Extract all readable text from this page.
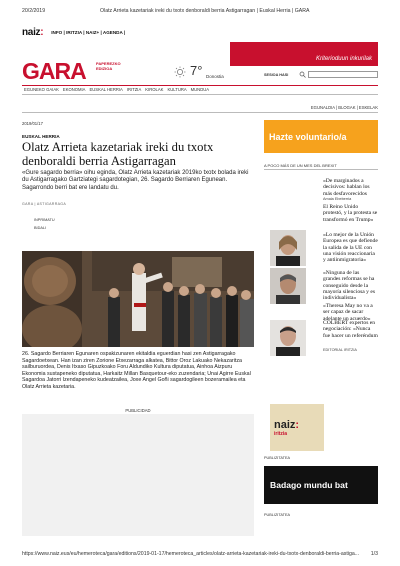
20/2/2019	Olatz Arrieta kazetariak ireki du txotx denboraldi berria Astigarragan | Euskal Herria | GARA
naiz: INFO | IRITZIA | NAIZ+ | AGENDA |
Kriterioduun inkurilak
GARA	PAPEREZKO
EDIZIOA	7° Donostia	SESIOA HASI
EGUNEKO GAIAK EKONOMIA EUSKAL HERRIA IRITZIA KIROLAK KULTURA MUNDUA
EGUNALDIA | BLOGAK | ESKELAK
2019/01/17
EUSKAL HERRIA
Olatz Arrieta kazetariak ireki du txotx denboraldi berria Astigarragan

«Gure sagardo berria» oihu eginda, Olatz Arrieta kazetariak 2019ko txotx bolada ireki du Astigarragako Gartziategi sagardotegian, 26. Sagardo Berriaren Egunean. Sagarrondo berri bat ere landatu du.

GARA | ASTIGARRAGA
INPRIMATU
BIDALI

26. Sagardo Berriaren Egunaren ospakizunaren ekitaldia eguerdian hasi zen Astigarragako Sagardoetxean. Han izan ziren Zorione Etxezarraga alkatea, Bittor Oroz Lakuako Nekazaritza sailburuordea, Denis Itxaso Gipuzkoako Foru Aldundiko Kultura diputatua, Ainhoa Aizpuru Ekonomia sustapeneko diputatua, Harkaitz Millan Basquetour-eko zuzendaria; Unai Agirre Euskal Sagardoa Jatorri Izendapeneko kudeatzailea, Joxe Angel Goñi sagardogileen bozeramailea eta Olatz Arrieta kazetaria.

PUBLICIDAD
Hazte voluntario/a
A POCO MÁS DE UN MES DEL BREXIT
«De marginados a decisivos: hablan los más desfavorecidos
Amaia Ebeberria
El Reino Unido protestó, y la protesta se transformó en Trump»
«Lo mejor de la Unión Europea es que defiende la salida de la UE con una visión reaccionaria y antiinmigratoria»
«Ninguna de las grandes reformas se ha conseguido desde la mayoría silenciosa y es individualista»
«Theresa May no va a ser capaz de sacar adelante un acuerdo»
COLBERT expertos en negociación: «Nunca fue hacer un referéndum
EDITORIAL IRITZIA
naiz:
iritzia
PUBLIZITATEA
Badago mundu bat
PUBLIZITATEA
https://www.naiz.eus/eu/hemeroteca/gara/editions/2019-01-17/hemeroteca_articles/olatz-arrieta-kazetariak-ireki-du-txotx-denboraldi-berria-astiga... 1/3
